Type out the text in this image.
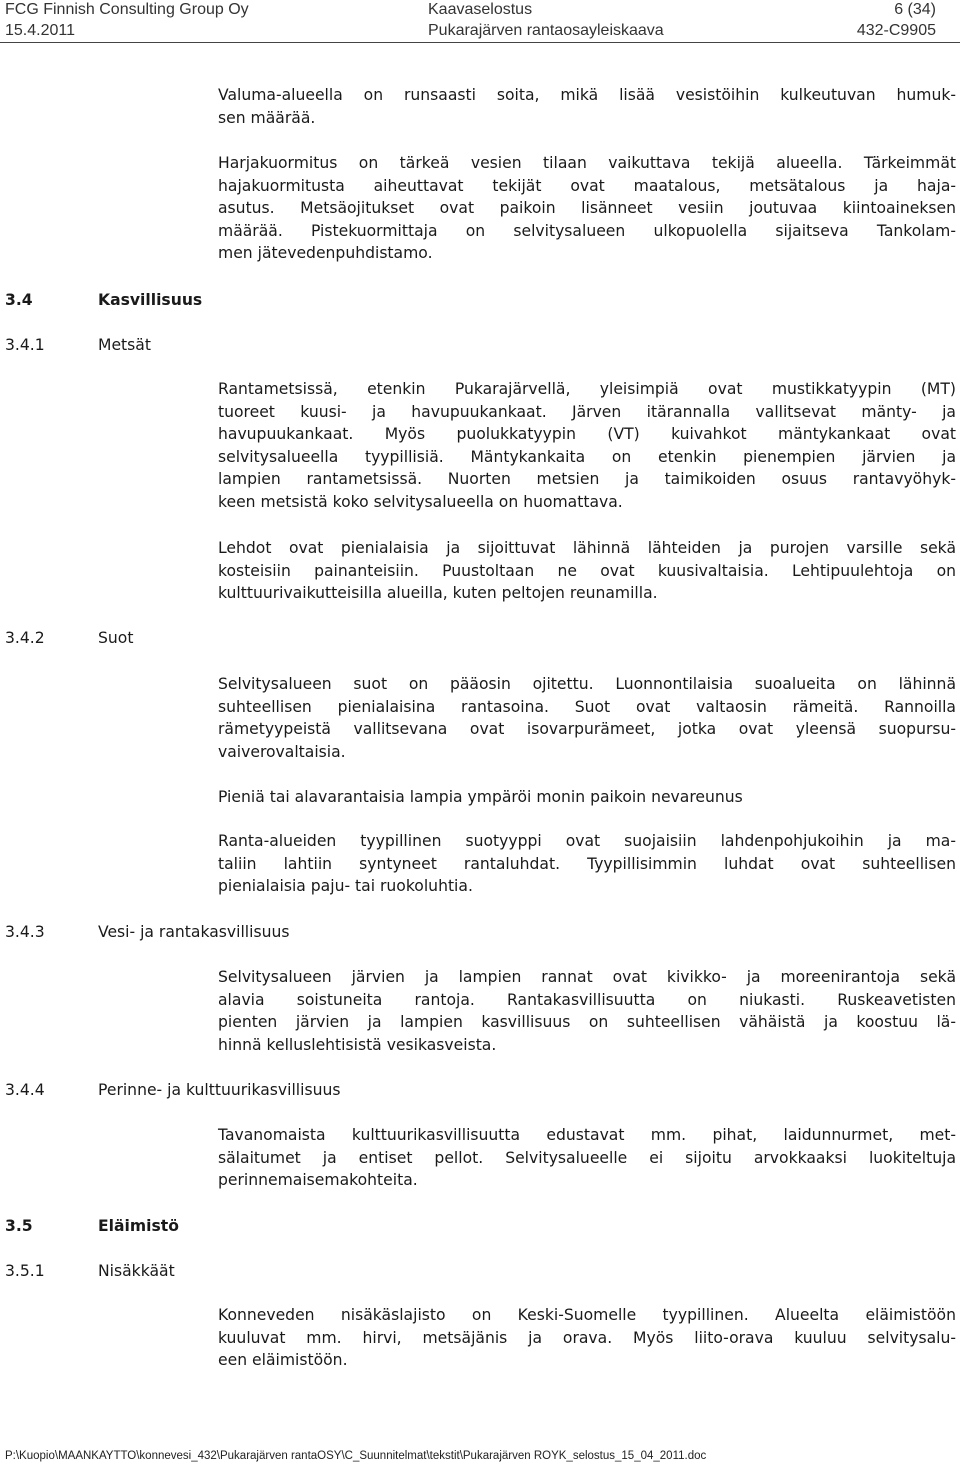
FCG Finnish Consulting Group Oy
15.4.2011
Kaavaselostus
Pukarajärven rantaosayleiskaava
6 (34)
432-C9905

Valuma-alueella on runsaasti soita, mikä lisää vesistöihin kulkeutuvan humuk-sen määrää.

Harjakuormitus on tärkeä vesien tilaan vaikuttava tekijä alueella. Tärkeimmäthajakuormitusta aiheuttavat tekijät ovat maatalous, metsätalous ja haja-asutus. Metsäojitukset ovat paikoin lisänneet vesiin joutuvaa kiintoaineksenmäärää. Pistekuormittaja on selvitysalueen ulkopuolella sijaitseva Tankolam-men jätevedenpuhdistamo.

3.4	Kasvillisuus
3.4.1	Metsät

Rantametsissä, etenkin Pukarajärvellä, yleisimpiä ovat mustikkatyypin (MT)tuoreet kuusi- ja havupuukankaat. Järven itärannalla vallitsevat mänty- jahavupuukankaat. Myös puolukkatyypin (VT) kuivahkot mäntykankaat ovatselvitysalueella tyypillisiä. Mäntykankaita on etenkin pienempien järvien jalampien rantametsissä. Nuorten metsien ja taimikoiden osuus rantavyöhyk-keen metsistä koko selvitysalueella on huomattava.

Lehdot ovat pienialaisia ja sijoittuvat lähinnä lähteiden ja purojen varsille sekäkosteisiin painanteisiin. Puustoltaan ne ovat kuusivaltaisia. Lehtipuulehtoja onkulttuurivaikutteisilla alueilla, kuten peltojen reunamilla.

3.4.2	Suot

Selvitysalueen suot on pääosin ojitettu. Luonnontilaisia suoalueita on lähinnäsuhteellisen pienialaisina rantasoina. Suot ovat valtaosin rämeitä. Rannoillarämetyypeistä vallitsevana ovat isovarpurämeet, jotka ovat yleensä suopursu-vaiverovaltaisia.

Pieniä tai alavarantaisia lampia ympäröi monin paikoin nevareunus

Ranta-alueiden tyypillinen suotyyppi ovat suojaisiin lahdenpohjukoihin ja ma-taliin lahtiin syntyneet rantaluhdat. Tyypillisimmin luhdat ovat suhteellisenpienialaisia paju- tai ruokoluhtia.

3.4.3	Vesi- ja rantakasvillisuus

Selvitysalueen järvien ja lampien rannat ovat kivikko- ja moreenirantoja sekäalavia soistuneita rantoja. Rantakasvillisuutta on niukasti. Ruskeavetistenpienten järvien ja lampien kasvillisuus on suhteellisen vähäistä ja koostuu lä-hinnä kelluslehtisistä vesikasveista.

3.4.4	Perinne- ja kulttuurikasvillisuus

Tavanomaista kulttuurikasvillisuutta edustavat mm. pihat, laidunnurmet, met-sälaitumet ja entiset pellot. Selvitysalueelle ei sijoitu arvokkaaksi luokiteltujaperinnemaisemakohteita.

3.5	Eläimistö
3.5.1	Nisäkkäät

Konneveden nisäkäslajisto on Keski-Suomelle tyypillinen. Alueelta eläimistöönkuuluvat mm. hirvi, metsäjänis ja orava. Myös liito-orava kuuluu selvitysalu-een eläimistöön.

P:\Kuopio\MAANKAYTTO\konnevesi_432\Pukarajärven rantaOSY\C_Suunnitelmat\tekstit\Pukarajärven ROYK_selostus_15_04_2011.doc
